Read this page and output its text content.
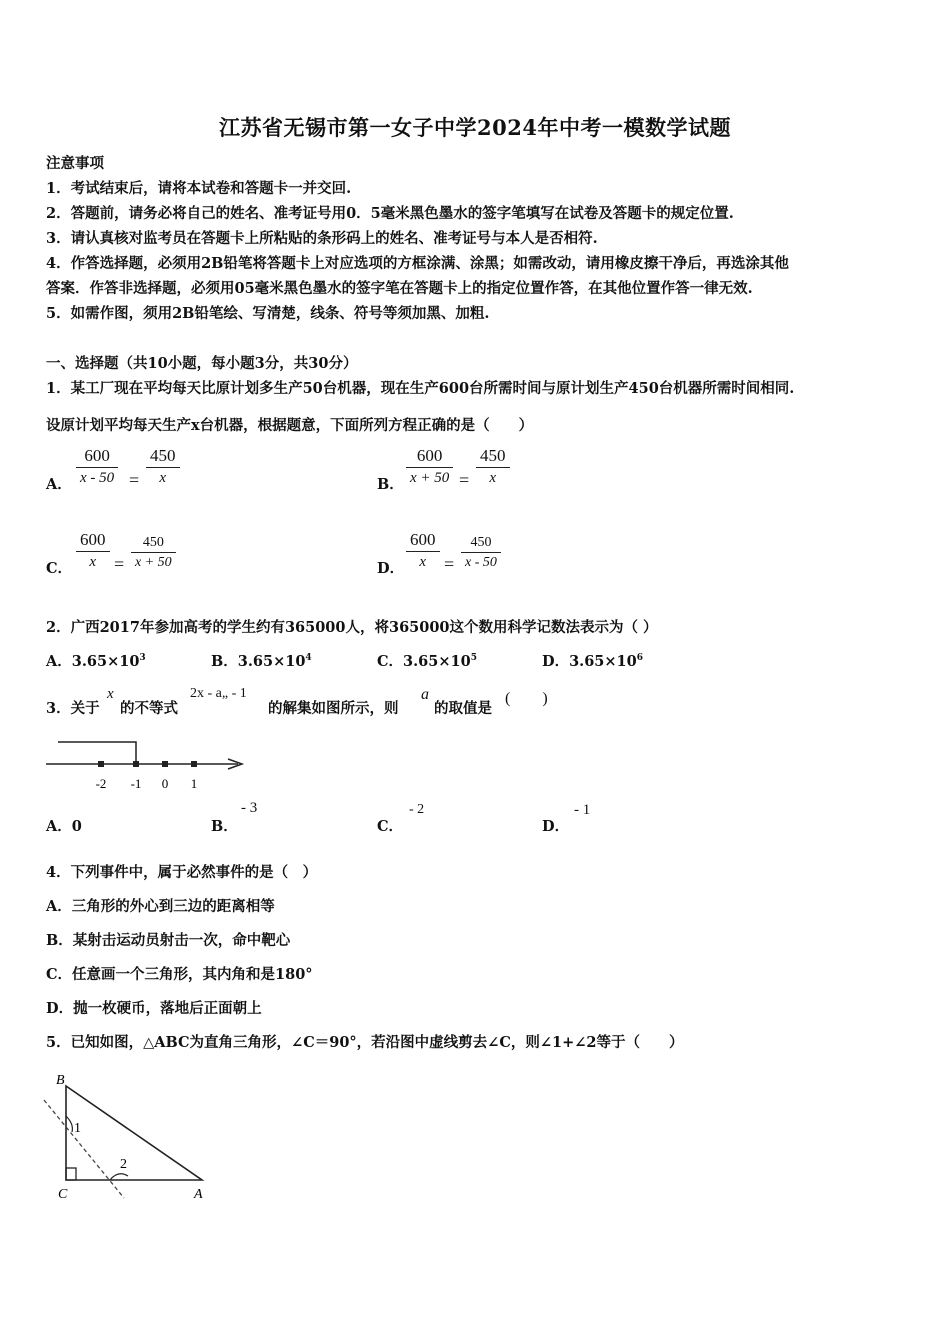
江苏省无锡市第一女子中学2024年中考一模数学试题
注意事项
1．考试结束后，请将本试卷和答题卡一并交回.
2．答题前，请务必将自己的姓名、准考证号用0．5毫米黑色墨水的签字笔填写在试卷及答题卡的规定位置.
3．请认真核对监考员在答题卡上所粘贴的条形码上的姓名、准考证号与本人是否相符.
4．作答选择题，必须用2B铅笔将答题卡上对应选项的方框涂满、涂黑；如需改动，请用橡皮擦干净后，再选涂其他
答案．作答非选择题，必须用05毫米黑色墨水的签字笔在答题卡上的指定位置作答，在其他位置作答一律无效.
5．如需作图，须用2B铅笔绘、写清楚，线条、符号等须加黑、加粗.
一、选择题（共10小题，每小题3分，共30分）
1．某工厂现在平均每天比原计划多生产50台机器，现在生产600台所需时间与原计划生产450台机器所需时间相同.
设原计划平均每天生产x台机器，根据题意，下面所列方程正确的是（　　）
A．
600
x - 50 =
450
x	B．
600
x + 50 =
450
x
C．
600
x =
450
x + 50	D．
600
x =
450
x - 50
2．广西2017年参加高考的学生约有365000人，将365000这个数用科学记数法表示为（ ）
A．$3.65\times 10^3$	B．$3.65\times 10^4$	C．$3.65\times 10^5$	D．$3.65\times 10^6$
3．关于
x
的不等式
2x - a„ - 1
的解集如图所示，则
a
的取值是
(　　)
-2 -1 0 1
A．0	B．
- 3
C．
- 2
D．
- 1
4．下列事件中，属于必然事件的是（　）
A．三角形的外心到三边的距离相等
B．某射击运动员射击一次，命中靶心
C．任意画一个三角形，其内角和是180°
D．抛一枚硬币，落地后正面朝上
5．已知如图，△ABC为直角三角形，∠C＝90°，若沿图中虚线剪去∠C，则∠1+∠2等于（　　）
B
C	A
1
2
